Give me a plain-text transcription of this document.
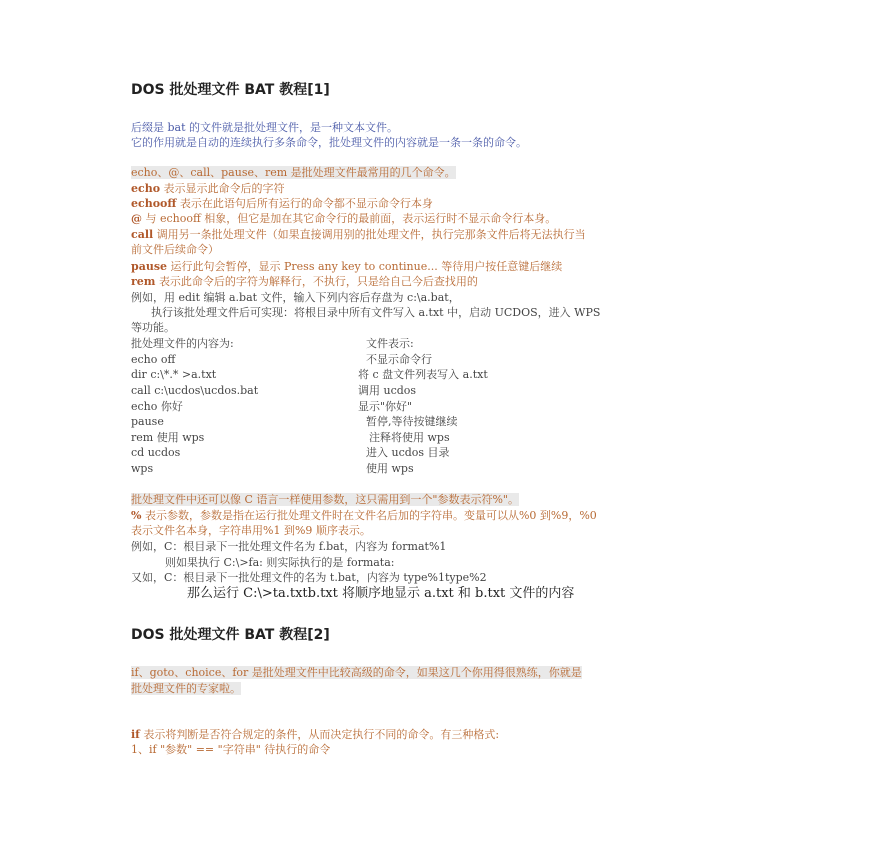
DOS 批处理文件 BAT 教程[1]
后缀是 bat 的文件就是批处理文件，是一种文本文件。
它的作用就是自动的连续执行多条命令，批处理文件的内容就是一条一条的命令。
echo、@、call、pause、rem 是批处理文件最常用的几个命令。
echo 表示显示此命令后的字符
echooff 表示在此语句后所有运行的命令都不显示命令行本身
@ 与 echooff 相象，但它是加在其它命令行的最前面，表示运行时不显示命令行本身。
call 调用另一条批处理文件（如果直接调用别的批处理文件，执行完那条文件后将无法执行当
前文件后续命令）
pause 运行此句会暂停，显示 Press any key to continue... 等待用户按任意键后继续
rem 表示此命令后的字符为解释行，不执行，只是给自己今后查找用的
例如，用 edit 编辑 a.bat 文件，输入下列内容后存盘为 c:\a.bat，
执行该批处理文件后可实现：将根目录中所有文件写入 a.txt 中，启动 UCDOS，进入 WPS
等功能。
批处理文件的内容为:	文件表示:
echo off	不显示命令行
dir c:\*.* >a.txt	将 c 盘文件列表写入 a.txt
call c:\ucdos\ucdos.bat	调用 ucdos
echo 你好	显示"你好"
pause	暂停,等待按键继续
rem 使用 wps	注释将使用 wps
cd ucdos	进入 ucdos 目录
wps	使用 wps
批处理文件中还可以像 C 语言一样使用参数，这只需用到一个"参数表示符%"。
% 表示参数，参数是指在运行批处理文件时在文件名后加的字符串。变量可以从%0 到%9，%0
表示文件名本身，字符串用%1 到%9 顺序表示。
例如，C：根目录下一批处理文件名为 f.bat，内容为 format%1
则如果执行 C:\>fa: 则实际执行的是 formata:
又如，C：根目录下一批处理文件的名为 t.bat，内容为 type%1type%2
那么运行 C:\>ta.txtb.txt 将顺序地显示 a.txt 和 b.txt 文件的内容
DOS 批处理文件 BAT 教程[2]
if、goto、choice、for 是批处理文件中比较高级的命令，如果这几个你用得很熟练，你就是
批处理文件的专家啦。
if 表示将判断是否符合规定的条件，从而决定执行不同的命令。有三种格式:
1、if "参数" == "字符串" 待执行的命令
